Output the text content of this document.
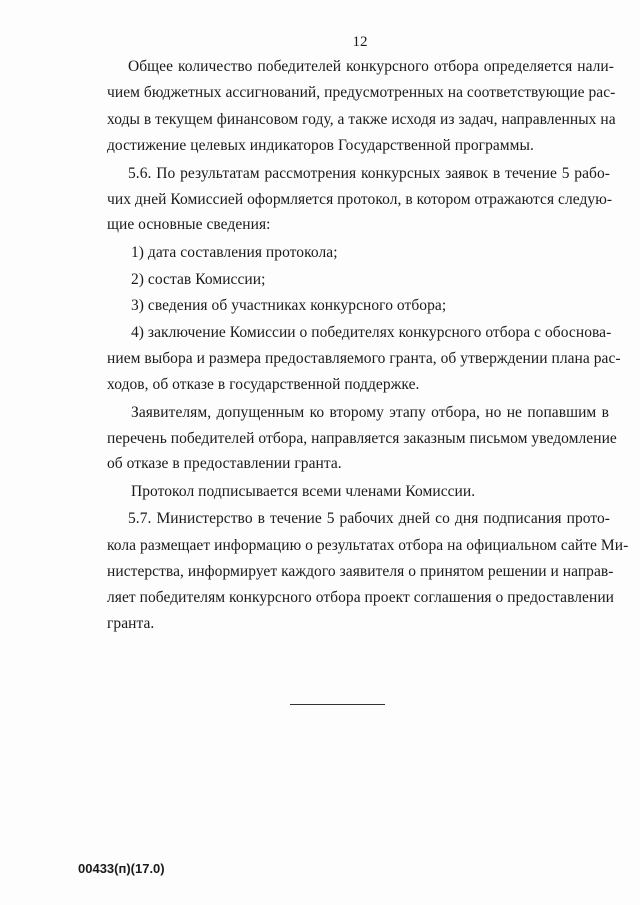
12
Общее количество победителей конкурсного отбора определяется нали-
чием бюджетных ассигнований, предусмотренных на соответствующие рас-
ходы в текущем финансовом году, а также исходя из задач, направленных на
достижение целевых индикаторов Государственной программы.
5.6. По результатам рассмотрения конкурсных заявок в течение 5 рабо-
чих дней Комиссией оформляется протокол, в котором отражаются следую-
щие основные сведения:
1) дата составления протокола;
2) состав Комиссии;
3) сведения об участниках конкурсного отбора;
4) заключение Комиссии о победителях конкурсного отбора с обоснова-
нием выбора и размера предоставляемого гранта, об утверждении плана рас-
ходов, об отказе в государственной поддержке.
Заявителям, допущенным ко второму этапу отбора, но не попавшим в
перечень победителей отбора, направляется заказным письмом уведомление
об отказе в предоставлении гранта.
Протокол подписывается всеми членами Комиссии.
5.7. Министерство в течение 5 рабочих дней со дня подписания прото-
кола размещает информацию о результатах отбора на официальном сайте Ми-
нистерства, информирует каждого заявителя о принятом решении и направ-
ляет победителям конкурсного отбора проект соглашения о предоставлении
гранта.
00433(п)(17.0)
